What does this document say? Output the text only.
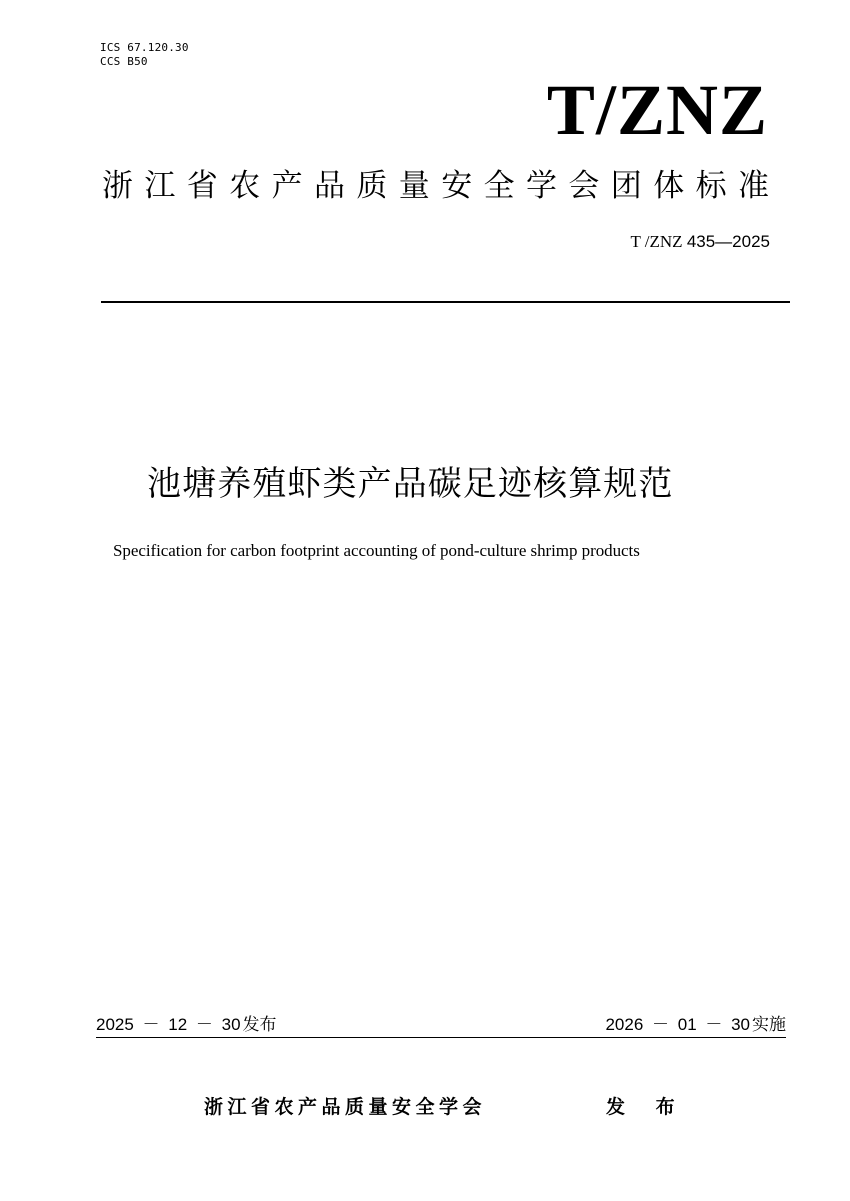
ICS 67.120.30
CCS B50
T/ZNZ
浙江省农产品质量安全学会团体标准
T /ZNZ 435—2025
池塘养殖虾类产品碳足迹核算规范
Specification for carbon footprint accounting of pond-culture shrimp products
2025 － 12 － 30 发布	2026 － 01 － 30 实施
浙江省农产品质量安全学会	发 布
